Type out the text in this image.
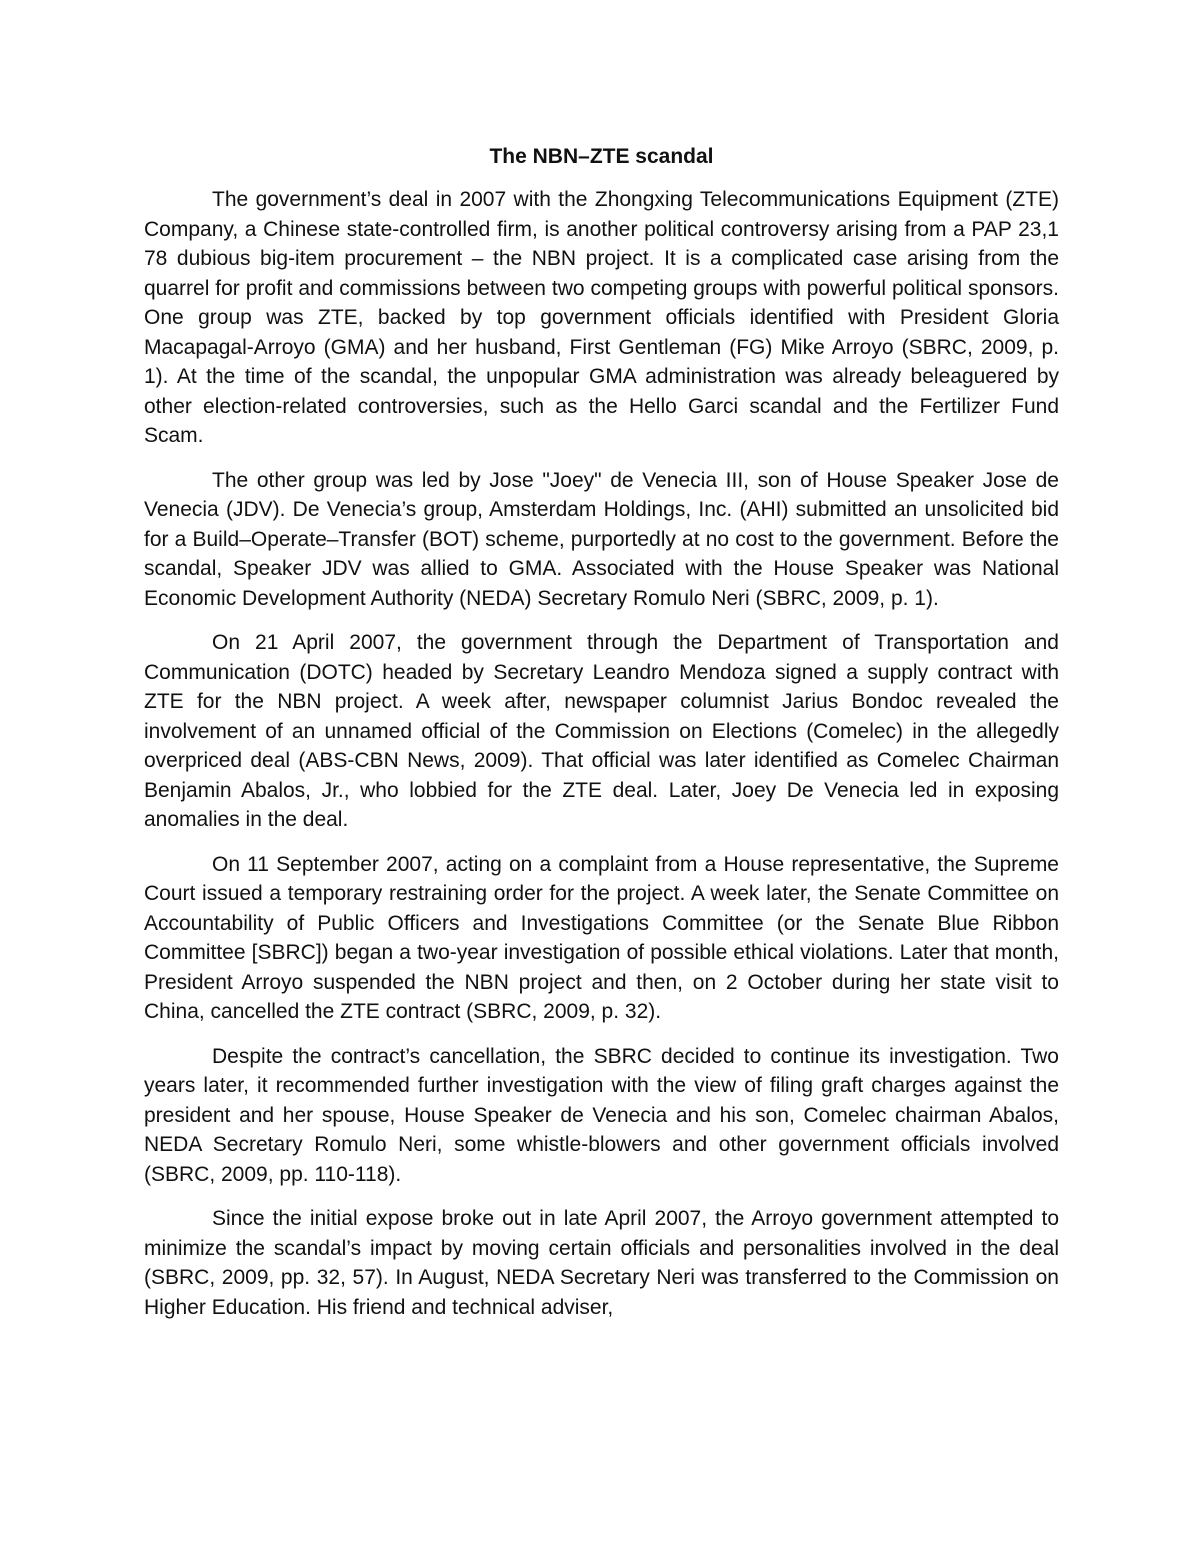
The NBN–ZTE scandal

The government’s deal in 2007 with the Zhongxing Telecommunications Equipment (ZTE) Company, a Chinese state-controlled firm, is another political controversy arising from a PAP 23,1 78 dubious big-item procurement – the NBN project. It is a complicated case arising from the quarrel for profit and commissions between two competing groups with powerful political sponsors. One group was ZTE, backed by top government officials identified with President Gloria Macapagal-Arroyo (GMA) and her husband, First Gentleman (FG) Mike Arroyo (SBRC, 2009, p. 1). At the time of the scandal, the unpopular GMA administration was already beleaguered by other election-related controversies, such as the Hello Garci scandal and the Fertilizer Fund Scam.

The other group was led by Jose "Joey" de Venecia III, son of House Speaker Jose de Venecia (JDV). De Venecia’s group, Amsterdam Holdings, Inc. (AHI) submitted an unsolicited bid for a Build–Operate–Transfer (BOT) scheme, purportedly at no cost to the government. Before the scandal, Speaker JDV was allied to GMA. Associated with the House Speaker was National Economic Development Authority (NEDA) Secretary Romulo Neri (SBRC, 2009, p. 1).

On 21 April 2007, the government through the Department of Transportation and Communication (DOTC) headed by Secretary Leandro Mendoza signed a supply contract with ZTE for the NBN project. A week after, newspaper columnist Jarius Bondoc revealed the involvement of an unnamed official of the Commission on Elections (Comelec) in the allegedly overpriced deal (ABS-CBN News, 2009). That official was later identified as Comelec Chairman Benjamin Abalos, Jr., who lobbied for the ZTE deal. Later, Joey De Venecia led in exposing anomalies in the deal.

On 11 September 2007, acting on a complaint from a House representative, the Supreme Court issued a temporary restraining order for the project. A week later, the Senate Committee on Accountability of Public Officers and Investigations Committee (or the Senate Blue Ribbon Committee [SBRC]) began a two-year investigation of possible ethical violations. Later that month, President Arroyo suspended the NBN project and then, on 2 October during her state visit to China, cancelled the ZTE contract (SBRC, 2009, p. 32).

Despite the contract’s cancellation, the SBRC decided to continue its investigation. Two years later, it recommended further investigation with the view of filing graft charges against the president and her spouse, House Speaker de Venecia and his son, Comelec chairman Abalos, NEDA Secretary Romulo Neri, some whistle-blowers and other government officials involved (SBRC, 2009, pp. 110-118).

Since the initial expose broke out in late April 2007, the Arroyo government attempted to minimize the scandal’s impact by moving certain officials and personalities involved in the deal (SBRC, 2009, pp. 32, 57). In August, NEDA Secretary Neri was transferred to the Commission on Higher Education. His friend and technical adviser,
